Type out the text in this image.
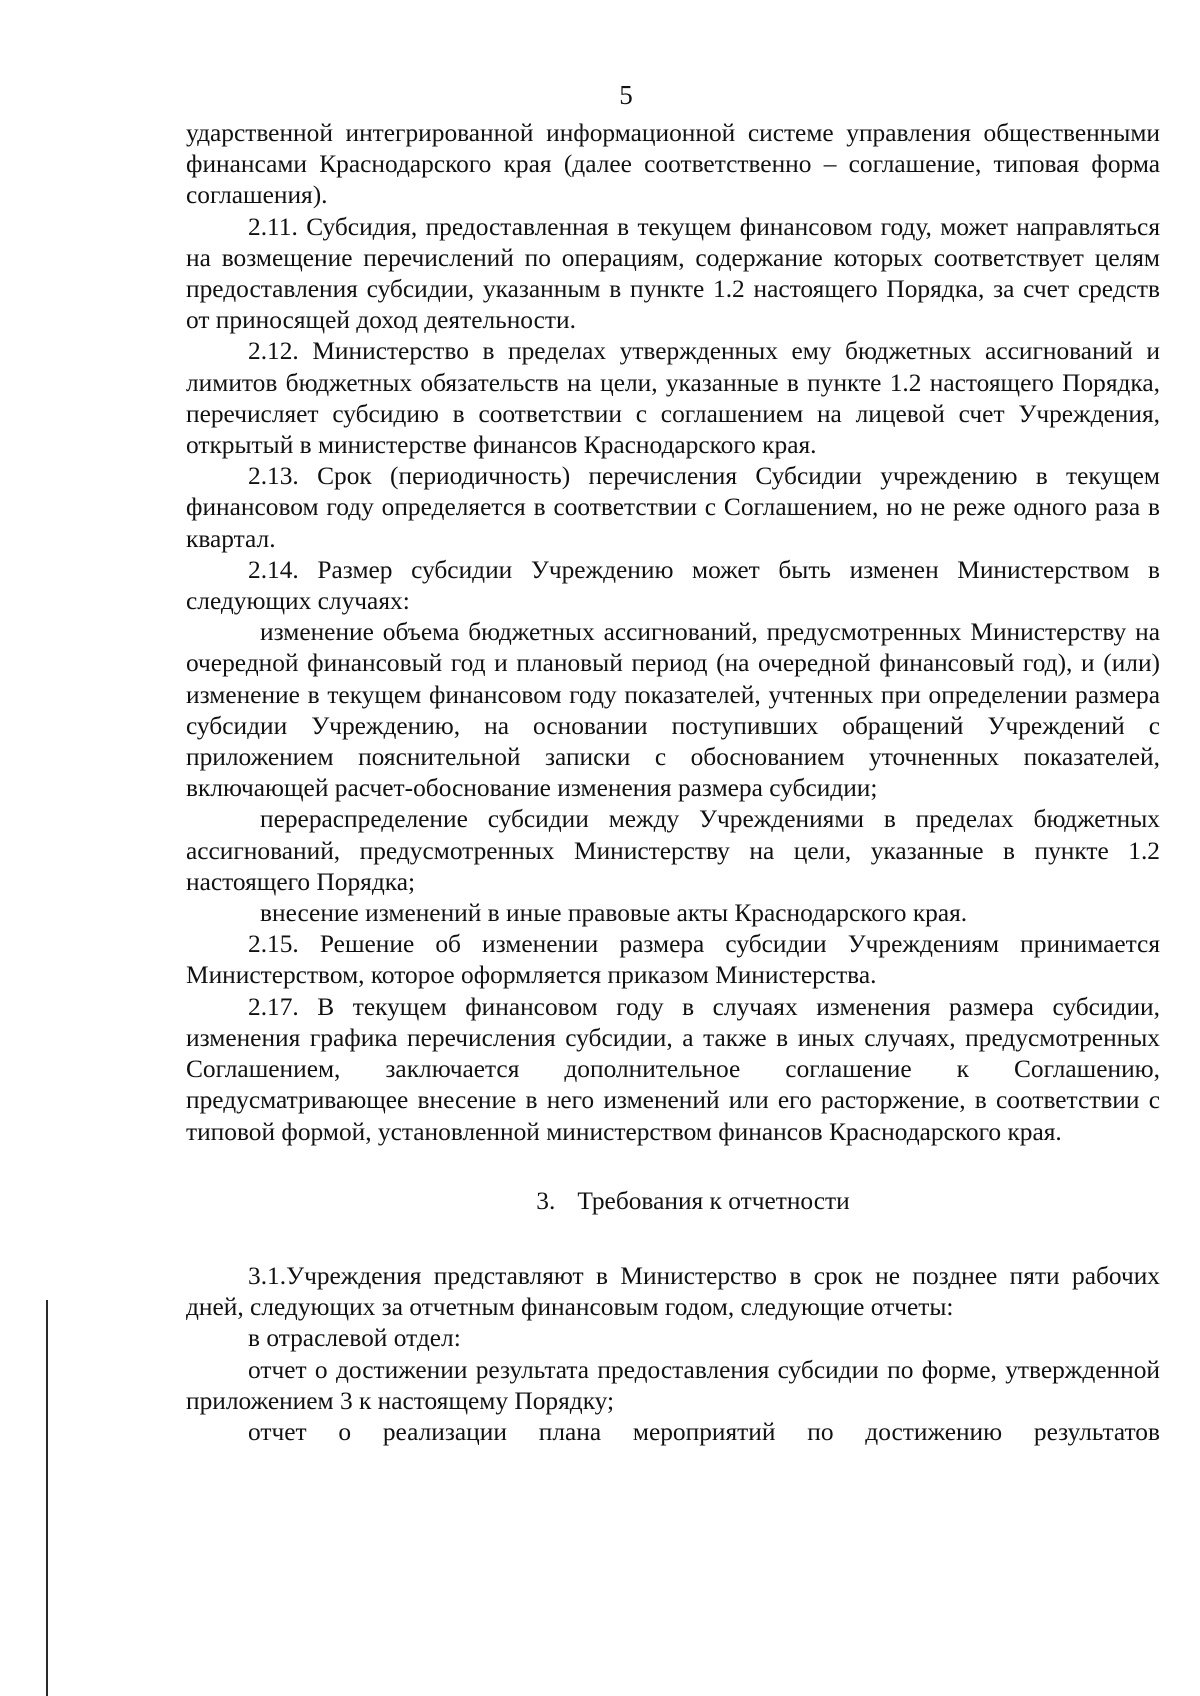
5

ударственной интегрированной информационной системе управления общественными финансами Краснодарского края (далее соответственно – соглашение, типовая форма соглашения).

2.11. Субсидия, предоставленная в текущем финансовом году, может направляться на возмещение перечислений по операциям, содержание которых соответствует целям предоставления субсидии, указанным в пункте 1.2 настоящего Порядка, за счет средств от приносящей доход деятельности.

2.12. Министерство в пределах утвержденных ему бюджетных ассигнований и лимитов бюджетных обязательств на цели, указанные в пункте 1.2 настоящего Порядка, перечисляет субсидию в соответствии с соглашением на лицевой счет Учреждения, открытый в министерстве финансов Краснодарского края.

2.13. Срок (периодичность) перечисления Субсидии учреждению в текущем финансовом году определяется в соответствии с Соглашением, но не реже одного раза в квартал.

2.14. Размер субсидии Учреждению может быть изменен Министерством в следующих случаях:

изменение объема бюджетных ассигнований, предусмотренных Министерству на очередной финансовый год и плановый период (на очередной финансовый год), и (или) изменение в текущем финансовом году показателей, учтенных при определении размера субсидии Учреждению, на основании поступивших обращений Учреждений с приложением пояснительной записки с обоснованием уточненных показателей, включающей расчет-обоснование изменения размера субсидии;

перераспределение субсидии между Учреждениями в пределах бюджетных ассигнований, предусмотренных Министерству на цели, указанные в пункте 1.2 настоящего Порядка;

внесение изменений в иные правовые акты Краснодарского края.

2.15. Решение об изменении размера субсидии Учреждениям принимается Министерством, которое оформляется приказом Министерства.

2.17. В текущем финансовом году в случаях изменения размера субсидии, изменения графика перечисления субсидии, а также в иных случаях, предусмотренных Соглашением, заключается дополнительное соглашение к Соглашению, предусматривающее внесение в него изменений или его расторжение, в соответствии с типовой формой, установленной министерством финансов Краснодарского края.

3. Требования к отчетности

3.1.Учреждения представляют в Министерство в срок не позднее пяти рабочих дней, следующих за отчетным финансовым годом, следующие отчеты:

в отраслевой отдел:

отчет о достижении результата предоставления субсидии по форме, утвержденной приложением 3 к настоящему Порядку;

отчет о реализации плана мероприятий по достижению результатов
